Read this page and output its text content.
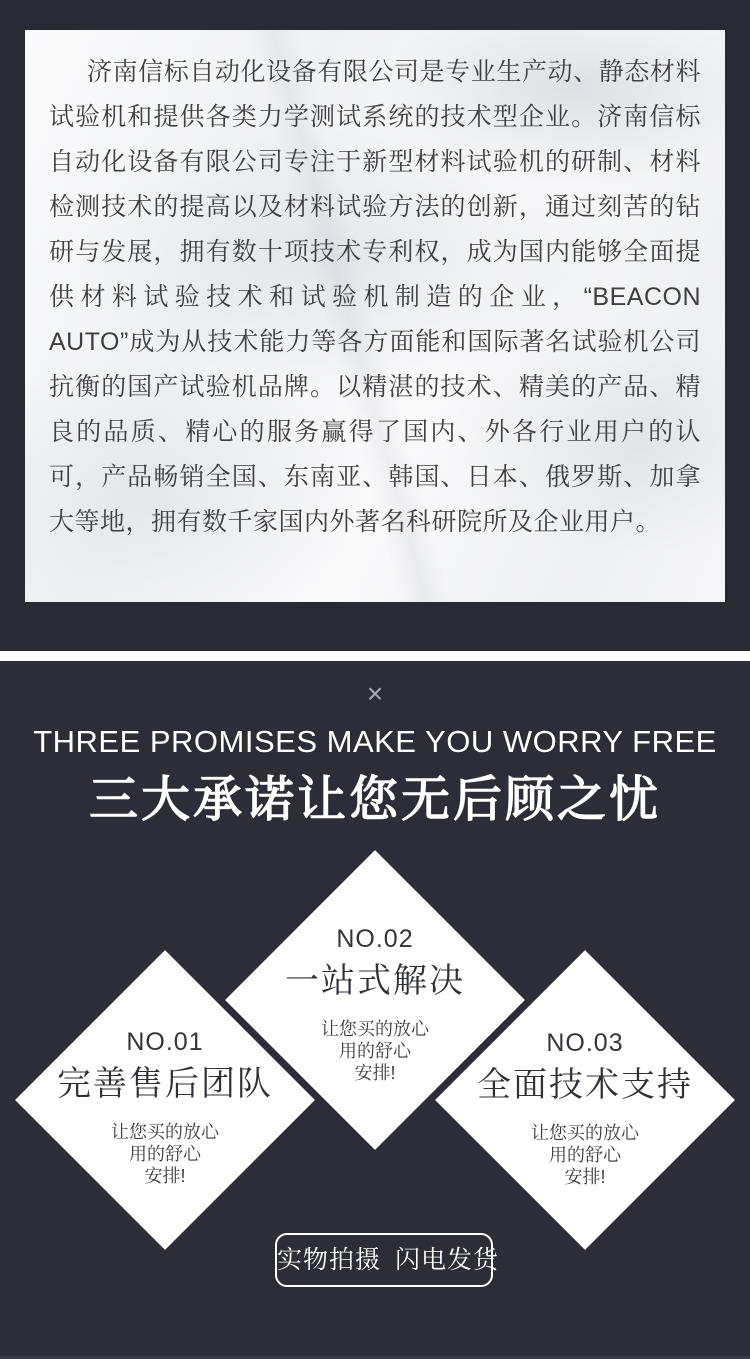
济南信标自动化设备有限公司是专业生产动、静态材料试验机和提供各类力学测试系统的技术型企业。济南信标自动化设备有限公司专注于新型材料试验机的研制、材料检测技术的提高以及材料试验方法的创新，通过刻苦的钻研与发展，拥有数十项技术专利权，成为国内能够全面提供材料试验技术和试验机制造的企业，“BEACON　AUTO”成为从技术能力等各方面能和国际著名试验机公司抗衡的国产试验机品牌。以精湛的技术、精美的产品、精良的品质、精心的服务赢得了国内、外各行业用户的认可，产品畅销全国、东南亚、韩国、日本、俄罗斯、加拿大等地，拥有数千家国内外著名科研院所及企业用户。

×
THREE PROMISES MAKE YOU WORRY FREE
三大承诺让您无后顾之忧
NO.01
完善售后团队
让您买的放心
用的舒心
安排!
NO.02
一站式解决
让您买的放心
用的舒心
安排!
NO.03
全面技术支持
让您买的放心
用的舒心
安排!
实物拍摄 闪电发货
